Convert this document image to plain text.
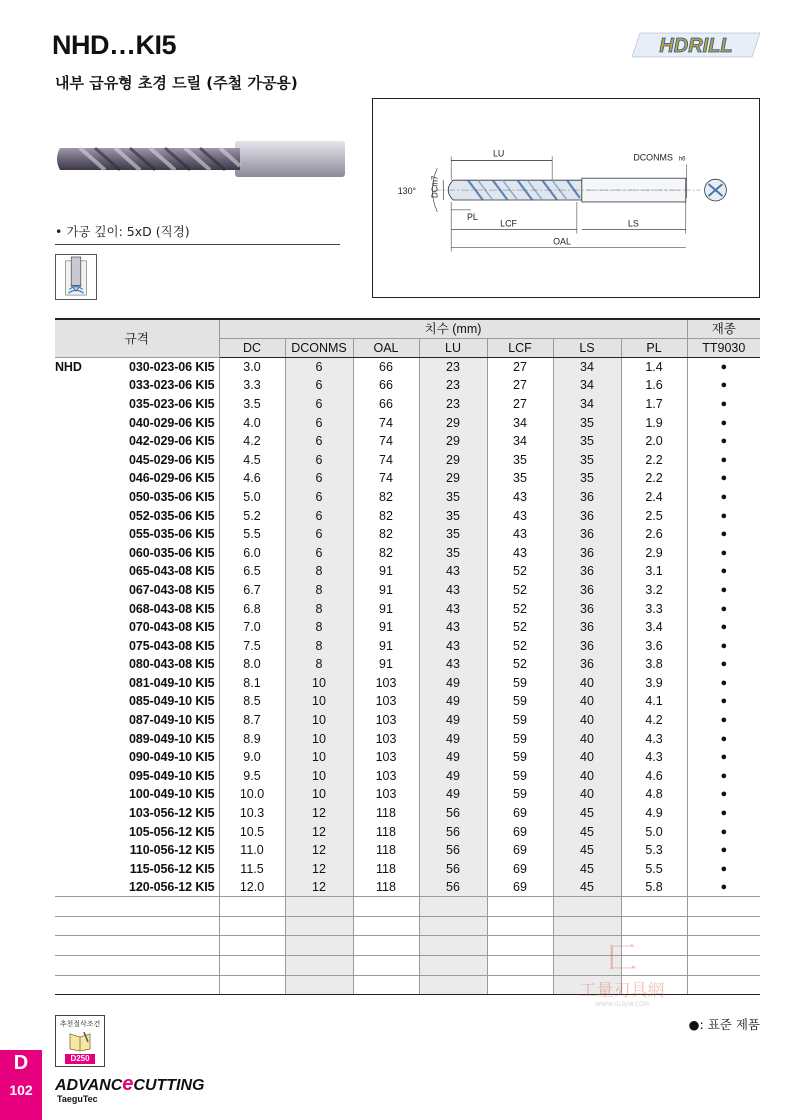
NHD…KI5	HDRILL
내부 급유형 초경 드릴 (주철 가공용)
• 가공 깊이: 5xD (직경)
LU	DCONMS h6
130° DCm7
PL
LCF	LS
OAL
규격	치수 (mm)							재종
	DC	DCONMS	OAL	LU	LCF	LS	PL	TT9030

NHD 030-023-06 KI5	3.0	6	66	23	27	34	1.4	●
033-023-06 KI5	3.3	6	66	23	27	34	1.6	●
035-023-06 KI5	3.5	6	66	23	27	34	1.7	●
040-029-06 KI5	4.0	6	74	29	34	35	1.9	●
042-029-06 KI5	4.2	6	74	29	34	35	2.0	●
045-029-06 KI5	4.5	6	74	29	35	35	2.2	●
046-029-06 KI5	4.6	6	74	29	35	35	2.2	●
050-035-06 KI5	5.0	6	82	35	43	36	2.4	●
052-035-06 KI5	5.2	6	82	35	43	36	2.5	●
055-035-06 KI5	5.5	6	82	35	43	36	2.6	●
060-035-06 KI5	6.0	6	82	35	43	36	2.9	●
065-043-08 KI5	6.5	8	91	43	52	36	3.1	●
067-043-08 KI5	6.7	8	91	43	52	36	3.2	●
068-043-08 KI5	6.8	8	91	43	52	36	3.3	●
070-043-08 KI5	7.0	8	91	43	52	36	3.4	●
075-043-08 KI5	7.5	8	91	43	52	36	3.6	●
080-043-08 KI5	8.0	8	91	43	52	36	3.8	●
081-049-10 KI5	8.1	10	103	49	59	40	3.9	●
085-049-10 KI5	8.5	10	103	49	59	40	4.1	●
087-049-10 KI5	8.7	10	103	49	59	40	4.2	●
089-049-10 KI5	8.9	10	103	49	59	40	4.3	●
090-049-10 KI5	9.0	10	103	49	59	40	4.3	●
095-049-10 KI5	9.5	10	103	49	59	40	4.6	●
100-049-10 KI5	10.0	10	103	49	59	40	4.8	●
103-056-12 KI5	10.3	12	118	56	69	45	4.9	●
105-056-12 KI5	10.5	12	118	56	69	45	5.0	●
110-056-12 KI5	11.0	12	118	56	69	45	5.3	●
115-056-12 KI5	11.5	12	118	56	69	45	5.5	●
120-056-12 KI5	12.0	12	118	56	69	45	5.8	●

匚
工量刃具網
WWW.GLBJW.COM
●: 표준 제품
추천절삭조건
D250
D
102	ADVANCeCUTTING
TaeguTec
